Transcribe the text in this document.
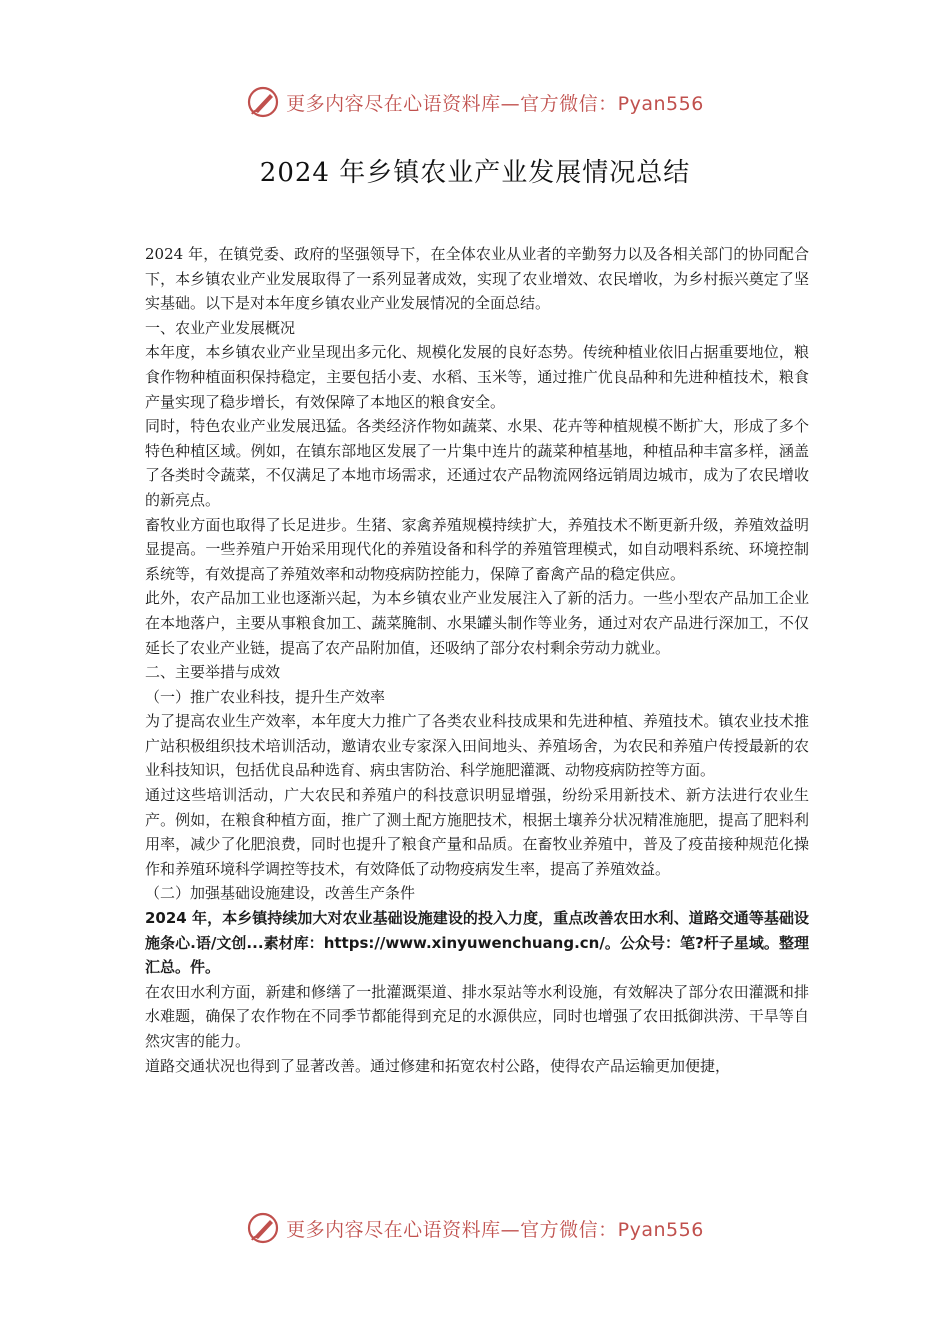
更多内容尽在心语资料库—官方微信：Pyan556
2024 年乡镇农业产业发展情况总结

2024 年，在镇党委、政府的坚强领导下，在全体农业从业者的辛勤努力以及各相关部门的协同配合下，本乡镇农业产业发展取得了一系列显著成效，实现了农业增效、农民增收，为乡村振兴奠定了坚实基础。以下是对本年度乡镇农业产业发展情况的全面总结。

一、农业产业发展概况

本年度，本乡镇农业产业呈现出多元化、规模化发展的良好态势。传统种植业依旧占据重要地位，粮食作物种植面积保持稳定，主要包括小麦、水稻、玉米等，通过推广优良品种和先进种植技术，粮食产量实现了稳步增长，有效保障了本地区的粮食安全。

同时，特色农业产业发展迅猛。各类经济作物如蔬菜、水果、花卉等种植规模不断扩大，形成了多个特色种植区域。例如，在镇东部地区发展了一片集中连片的蔬菜种植基地，种植品种丰富多样，涵盖了各类时令蔬菜，不仅满足了本地市场需求，还通过农产品物流网络远销周边城市，成为了农民增收的新亮点。

畜牧业方面也取得了长足进步。生猪、家禽养殖规模持续扩大，养殖技术不断更新升级，养殖效益明显提高。一些养殖户开始采用现代化的养殖设备和科学的养殖管理模式，如自动喂料系统、环境控制系统等，有效提高了养殖效率和动物疫病防控能力，保障了畜禽产品的稳定供应。

此外，农产品加工业也逐渐兴起，为本乡镇农业产业发展注入了新的活力。一些小型农产品加工企业在本地落户，主要从事粮食加工、蔬菜腌制、水果罐头制作等业务，通过对农产品进行深加工，不仅延长了农业产业链，提高了农产品附加值，还吸纳了部分农村剩余劳动力就业。

二、主要举措与成效

（一）推广农业科技，提升生产效率

为了提高农业生产效率，本年度大力推广了各类农业科技成果和先进种植、养殖技术。镇农业技术推广站积极组织技术培训活动，邀请农业专家深入田间地头、养殖场舍，为农民和养殖户传授最新的农业科技知识，包括优良品种选育、病虫害防治、科学施肥灌溉、动物疫病防控等方面。

通过这些培训活动，广大农民和养殖户的科技意识明显增强，纷纷采用新技术、新方法进行农业生产。例如，在粮食种植方面，推广了测土配方施肥技术，根据土壤养分状况精准施肥，提高了肥料利用率，减少了化肥浪费，同时也提升了粮食产量和品质。在畜牧业养殖中，普及了疫苗接种规范化操作和养殖环境科学调控等技术，有效降低了动物疫病发生率，提高了养殖效益。

（二）加强基础设施建设，改善生产条件

2024 年，本乡镇持续加大对农业基础设施建设的投入力度，重点改善农田水利、道路交通等基础设施条心.语/文创...素材库：https://www.xinyuwenchuang.cn/。公众号：笔?杆子星域。整理汇总。件。

在农田水利方面，新建和修缮了一批灌溉渠道、排水泵站等水利设施，有效解决了部分农田灌溉和排水难题，确保了农作物在不同季节都能得到充足的水源供应，同时也增强了农田抵御洪涝、干旱等自然灾害的能力。

道路交通状况也得到了显著改善。通过修建和拓宽农村公路，使得农产品运输更加便捷，

更多内容尽在心语资料库—官方微信：Pyan556
